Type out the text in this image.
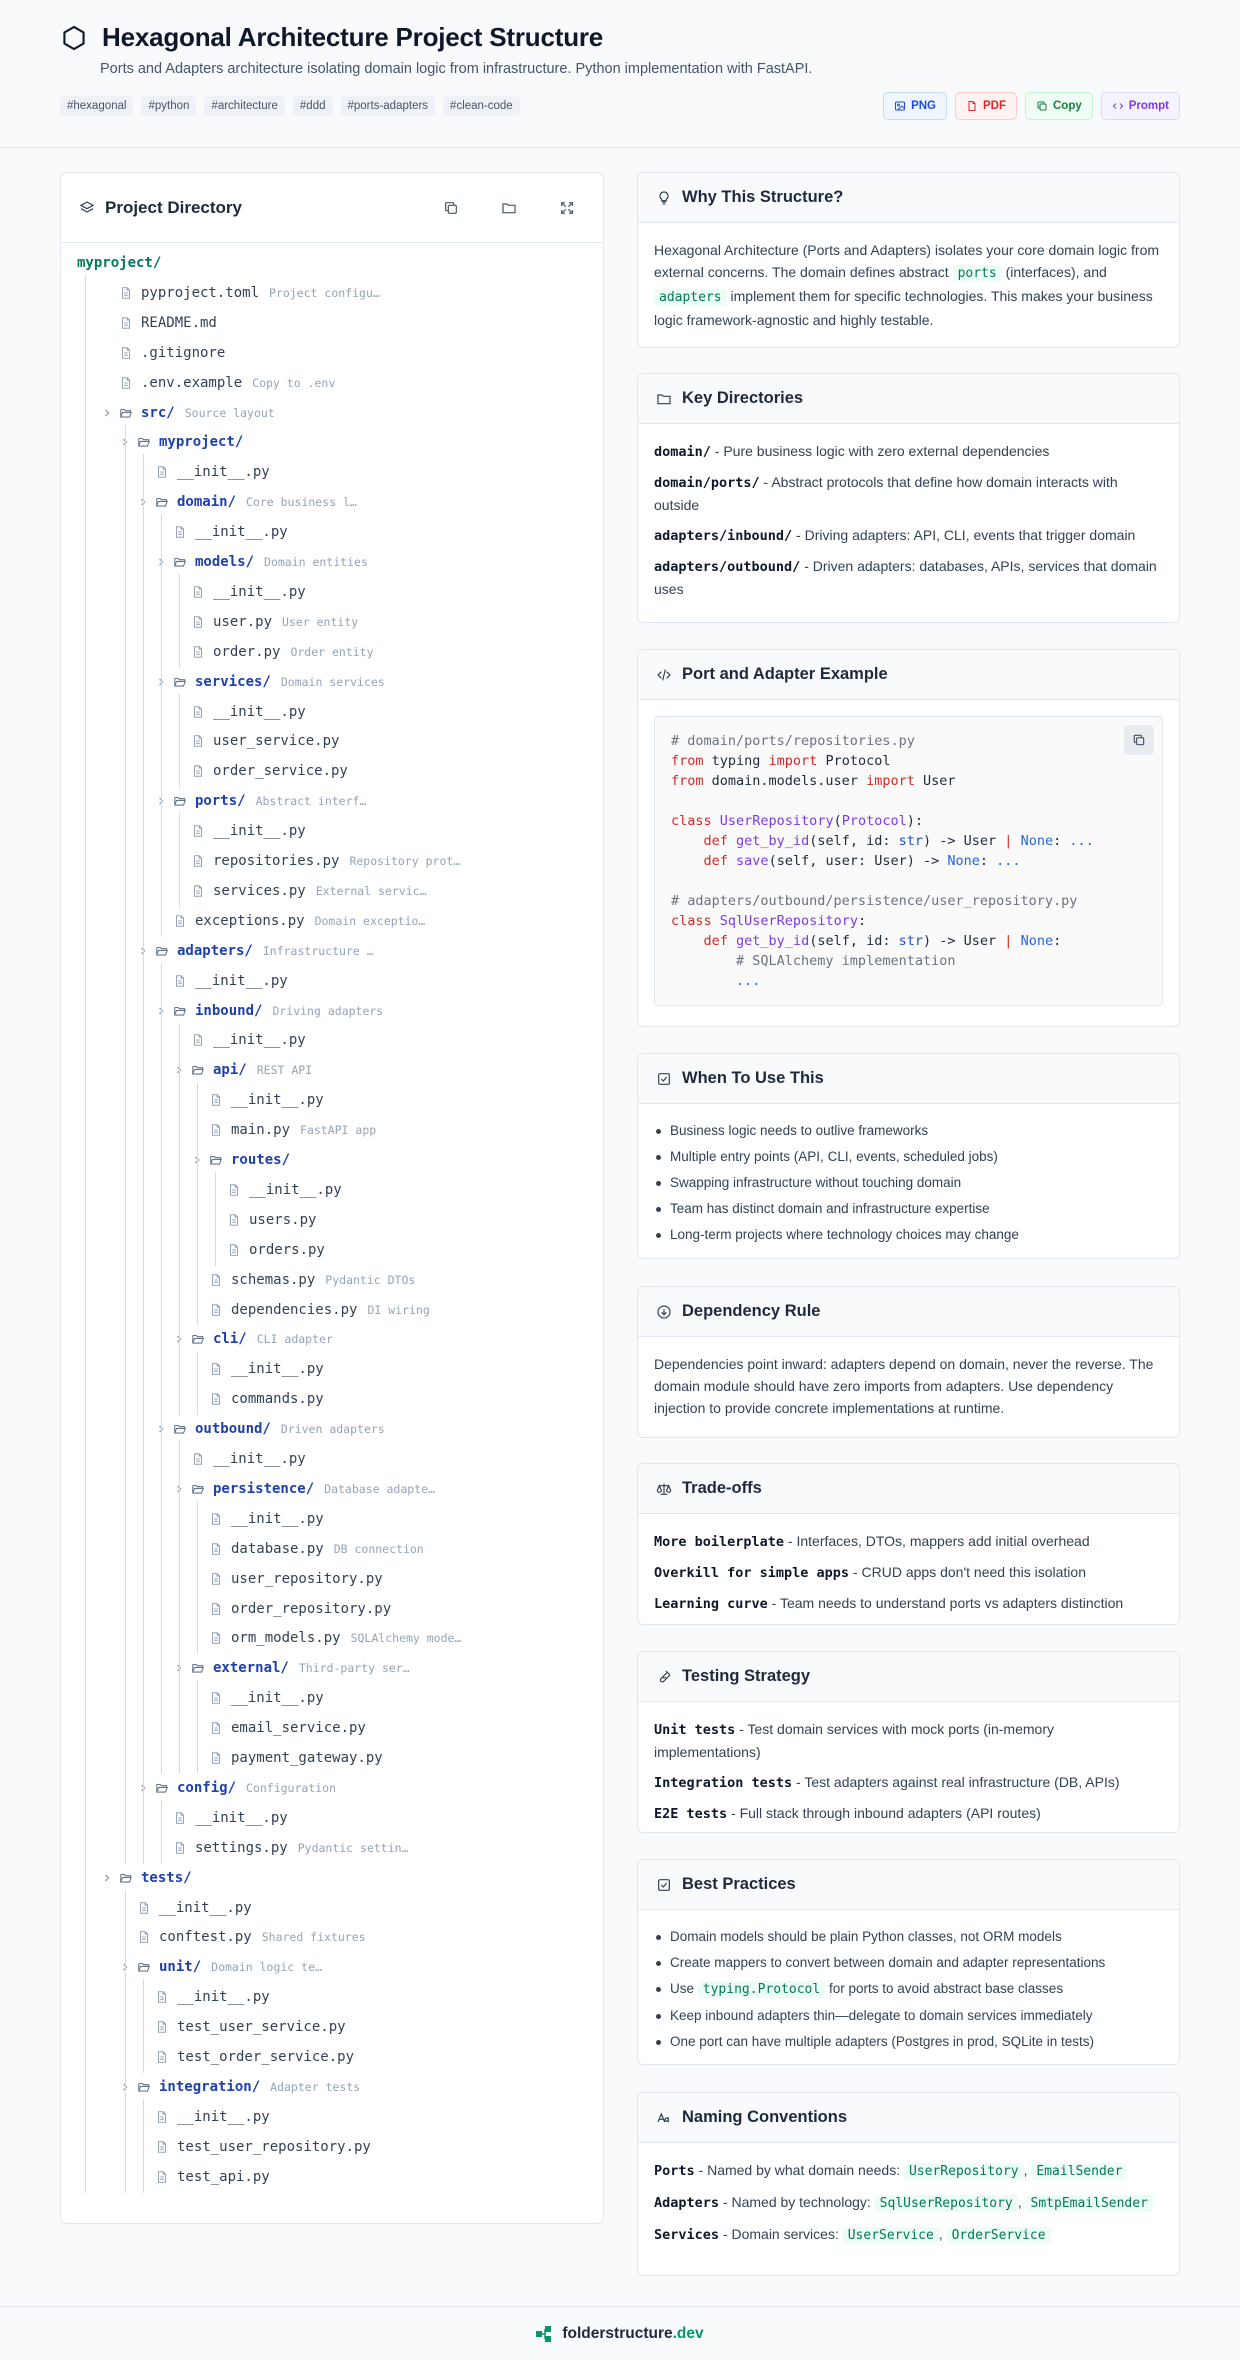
Hexagonal Architecture Project Structure
Ports and Adapters architecture isolating domain logic from infrastructure. Python implementation with FastAPI.
#hexagonal	#python	#architecture	#ddd	#ports-adapters	#clean-code	PNG	PDF	Copy	Prompt
Project Directory
myproject/
pyproject.toml Project configu…
README.md
.gitignore
.env.example Copy to .env
src/ Source layout
myproject/
__init__.py
domain/ Core business l…
__init__.py
models/ Domain entities
__init__.py
user.py User entity
order.py Order entity
services/ Domain services
__init__.py
user_service.py
order_service.py
ports/ Abstract interf…
__init__.py
repositories.py Repository prot…
services.py External servic…
exceptions.py Domain exceptio…
adapters/ Infrastructure …
__init__.py
inbound/ Driving adapters
__init__.py
api/ REST API
__init__.py
main.py FastAPI app
routes/
__init__.py
users.py
orders.py
schemas.py Pydantic DTOs
dependencies.py DI wiring
cli/ CLI adapter
__init__.py
commands.py
outbound/ Driven adapters
__init__.py
persistence/ Database adapte…
__init__.py
database.py DB connection
user_repository.py
order_repository.py
orm_models.py SQLAlchemy mode…
external/ Third-party ser…
__init__.py
email_service.py
payment_gateway.py
config/ Configuration
__init__.py
settings.py Pydantic settin…
tests/
__init__.py
conftest.py Shared fixtures
unit/ Domain logic te…
__init__.py
test_user_service.py
test_order_service.py
integration/ Adapter tests
__init__.py
test_user_repository.py
test_api.py
Why This Structure?
Hexagonal Architecture (Ports and Adapters) isolates your core domain logic from external concerns. The domain defines abstract ports (interfaces), and adapters implement them for specific technologies. This makes your business logic framework-agnostic and highly testable.
Key Directories

domain/ - Pure business logic with zero external dependencies

domain/ports/ - Abstract protocols that define how domain interacts with outside

adapters/inbound/ - Driving adapters: API, CLI, events that trigger domain

adapters/outbound/ - Driven adapters: databases, APIs, services that domain uses

Port and Adapter Example
# domain/ports/repositories.py
from typing import Protocol
from domain.models.user import User
class UserRepository(Protocol):
def get_by_id(self, id: str) -> User | None: ...
def save(self, user: User) -> None: ...
# adapters/outbound/persistence/user_repository.py
class SqlUserRepository:
def get_by_id(self, id: str) -> User | None:
# SQLAlchemy implementation
...
When To Use This
Business logic needs to outlive frameworks
Multiple entry points (API, CLI, events, scheduled jobs)
Swapping infrastructure without touching domain
Team has distinct domain and infrastructure expertise
Long-term projects where technology choices may change
Dependency Rule
Dependencies point inward: adapters depend on domain, never the reverse. The domain module should have zero imports from adapters. Use dependency injection to provide concrete implementations at runtime.
Trade-offs

More boilerplate - Interfaces, DTOs, mappers add initial overhead

Overkill for simple apps - CRUD apps don't need this isolation

Learning curve - Team needs to understand ports vs adapters distinction

Testing Strategy

Unit tests - Test domain services with mock ports (in-memory implementations)

Integration tests - Test adapters against real infrastructure (DB, APIs)

E2E tests - Full stack through inbound adapters (API routes)

Best Practices
Domain models should be plain Python classes, not ORM models
Create mappers to convert between domain and adapter representations
Use typing.Protocol for ports to avoid abstract base classes
Keep inbound adapters thin—delegate to domain services immediately
One port can have multiple adapters (Postgres in prod, SQLite in tests)
Naming Conventions

Ports - Named by what domain needs: UserRepository , EmailSender

Adapters - Named by technology: SqlUserRepository , SmtpEmailSender

Services - Domain services: UserService , OrderService

folderstructure.dev
